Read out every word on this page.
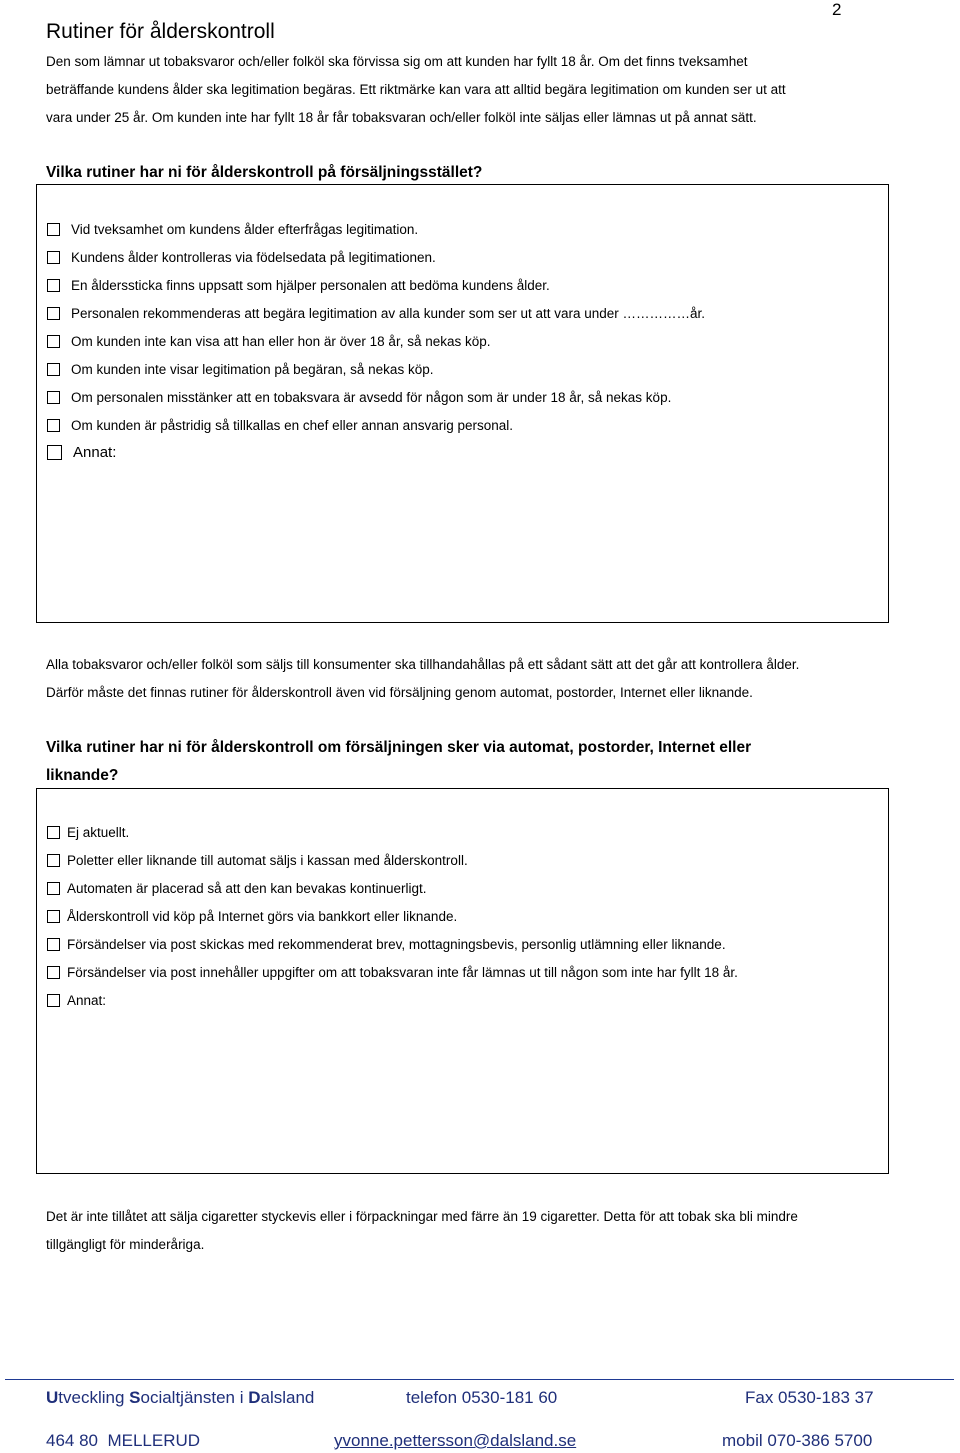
2
Rutiner för ålderskontroll

Den som lämnar ut tobaksvaror och/eller folköl ska förvissa sig om att kunden har fyllt 18 år. Om det finns tveksamhet

beträffande kundens ålder ska legitimation begäras. Ett riktmärke kan vara att alltid begära legitimation om kunden ser ut att

vara under 25 år. Om kunden inte har fyllt 18 år får tobaksvaran och/eller folköl inte säljas eller lämnas ut på annat sätt.

Vilka rutiner har ni för ålderskontroll på försäljningsstället?

Vid tveksamhet om kundens ålder efterfrågas legitimation.
Kundens ålder kontrolleras via födelsedata på legitimationen.
En ålderssticka finns uppsatt som hjälper personalen att bedöma kundens ålder.
Personalen rekommenderas att begära legitimation av alla kunder som ser ut att vara under ……………år.
Om kunden inte kan visa att han eller hon är över 18 år, så nekas köp.
Om kunden inte visar legitimation på begäran, så nekas köp.
Om personalen misstänker att en tobaksvara är avsedd för någon som är under 18 år, så nekas köp.
Om kunden är påstridig så tillkallas en chef eller annan ansvarig personal.
Annat:

Alla tobaksvaror och/eller folköl som säljs till konsumenter ska tillhandahållas på ett sådant sätt att det går att kontrollera ålder.

Därför måste det finnas rutiner för ålderskontroll även vid försäljning genom automat, postorder, Internet eller liknande.

Vilka rutiner har ni för ålderskontroll om försäljningen sker via automat, postorder, Internet eller

liknande?

Ej aktuellt.
Poletter eller liknande till automat säljs i kassan med ålderskontroll.
Automaten är placerad så att den kan bevakas kontinuerligt.
Ålderskontroll vid köp på Internet görs via bankkort eller liknande.
Försändelser via post skickas med rekommenderat brev, mottagningsbevis, personlig utlämning eller liknande.
Försändelser via post innehåller uppgifter om att tobaksvaran inte får lämnas ut till någon som inte har fyllt 18 år.
Annat:

Det är inte tillåtet att sälja cigaretter styckevis eller i förpackningar med färre än 19 cigaretter. Detta för att tobak ska bli mindre

tillgängligt för minderåriga.

Utveckling Socialtjänsten i Dalsland	telefon 0530-181 60	Fax 0530-183 37
464 80  MELLERUD	yvonne.pettersson@dalsland.se	mobil 070-386 5700
